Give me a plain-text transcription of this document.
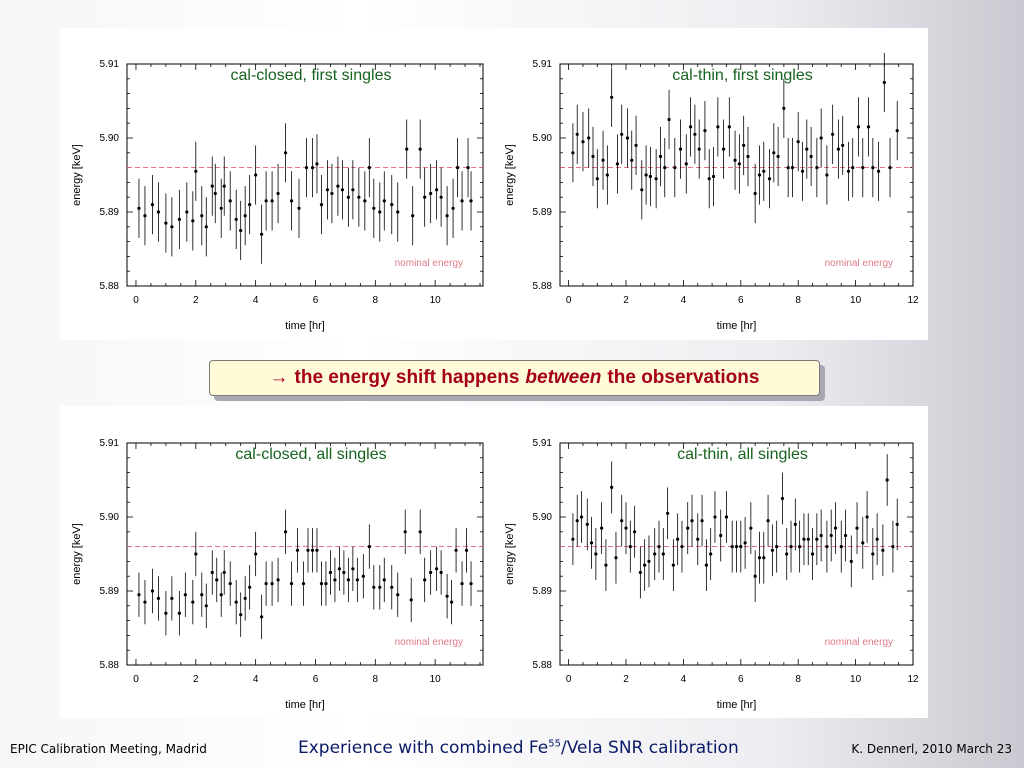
0	2	4	6	8	10
5.88
5.89
5.90
5.91
time [hr]
energy [keV]
nominal energy
cal-closed, first singles
0	2	4	6	8	10	12
5.88
5.89
5.90
5.91
time [hr]
energy [keV]
nominal energy
cal-thin, first singles
0	2	4	6	8	10
5.88
5.89
5.90
5.91
time [hr]
energy [keV]
nominal energy
cal-closed, all singles
0	2	4	6	8	10	12
5.88
5.89
5.90
5.91
time [hr]
energy [keV]
nominal energy
cal-thin, all singles
→ the energy shift happens between the observations
EPIC Calibration Meeting, Madrid	Experience with combined Fe$^{55}$/Vela SNR calibration	K. Dennerl, 2010 March 23
